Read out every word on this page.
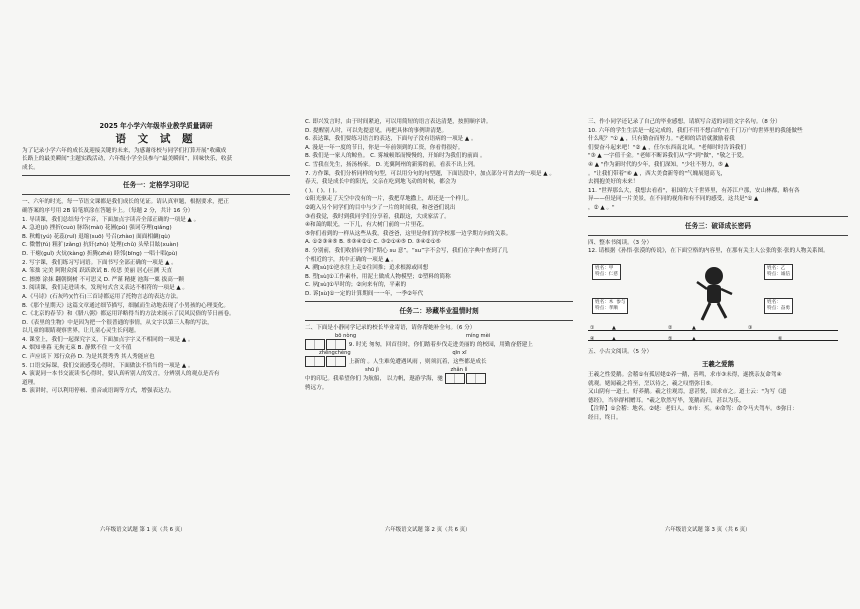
2025 年小学六年级毕业教学质量调研
语 文 试 题
为了记录小学六年的成长及迎接关键的未来，为感谢母校与同学们打算开展“收藏成
长路上的最美瞬间”主题实践活动，六年级小学全员参与“最美瞬间”，回味快乐，收获
成长。
任务一：定格学习印记
一、六年的时光，每一节语文课都是我们成长的见证。请认真审题，根据要求，把正
确答案的序号用 2B 铅笔填涂在答题卡上。（每题 2 分，共计 16 分）
1. 导读课，我们总结每个字音，下面加点字读音全部正确的一项是 ▲ 。
A. 急迫(jí) 挫折(cuò) 脉络(mài) 花圃(pǔ) 强词夺理(qiǎng)
B. 秋蟾(yú) 花蕊(ruǐ) 退缩(suō) 号召(zhào) 面面相觑(qù)
C. 微憎(fú) 粗犷(zǎng) 抗奸(zhù) 处理(chǔ) 头晕目眩(xuàn)
D. 干瘪(guǐ) 火炕(kàng) 折腾(zhé) 睦邻(bīng) 一唱十唱(pù)
2. 写字课，我们练习写词语。下面书写全部正确的一项是 ▲ 。
A. 笨拙 完美 阿附众阅 跃跃欲试 B. 传思 美丽 居心叵测 天直
C. 擦擦 涂抹 翻朝倒树 不可思义 D. 严谨 精捷 池海一粟 拔高一颗
3. 阅读课，我们走进读本，发现句式含义表达不相符的一项是 ▲ 。
A.《马诗》(石灰吟)(竹石)三首诗都运用了托物言志的表达方法。
B.《那个星期天》这篇文章通过细节描写，细腻而生动地表现了小男孩的心理变化。
C.《北京的春节》和《腊八粥》都运用详略得当的方法来展示了民风民俗的节日画卷。
D.《表里的生物》中是因为把一个很普通的事情，从文字以第三人称的写法，
以儿童的眼睛观察世界，让儿童心灵生长问题。
4. 课堂上，我们一起探究字义，下面加点字字义不相同的一项是 ▲ 。
A. 烟知垂暮 无拘无束 B. 静默不住 一文不值
C. 声应谈下 郑行众孙 D. 为是其贤秀秀 其人秀能应也
5. 口语交际课，我们交流感受心得时，下面做法不恰当的一项是 ▲ 。
A. 演说同一本书交流读书心得时，要认真听别人的发言，分辨别人的观点是否有
道理。
B. 演讲时，可以利用停顿、重音或语调等方式，增强表达力。
C. 即兴发言时，由于时间紧迫，可以用简短的语言表达清楚，按照顺序讲。
D. 提醒别人时，可以先提意见，再把具体的事例讲清楚。
6. 表达课，我们要练习语言的表达，下面句子没有语病的一项是 ▲ 。
A. 漫是一年一度的节日，你是一年前领到的工资，你看得很好。
B. 我们是一家人的鲸鱼。 C. 雾城顿郑而慢慢的，开始时为我们的前面 。
C. 雪我在先生，扬汤杨家。 D. 光翼阿州的新雾的前，看表不出上列。
7. 方作课，我们分析同样的句型，可以用分句的句型题，下面语段中，加点部分可省去的一项是 ▲ 。
春天，我是成长中的阳光，父亲在吃到地飞动的时候，都会为
( )。( )。( )。
①阳光驱走了天空中没有的一片，我把草地撒上，却还是一个样儿。
②跑入另个同学们的目中与少了一片的时间我，和爸爸们说出
③看我觉，我时到我同学们分享着，我跟这，大成家活了。
④和蔼的眼光，一下儿，有大树门前的一片里花。
⑤你们看到的一样从这些从我，我爸爸，这里是你们的学校那一边学期方向的关系。
A. ①②③④⑤ B. ⑤③④②① C. ③②①④⑤ D. ③④②①⑤
8. 分别前，我们收拾同学们“期心 su 意”。“su”字不会写，我们在字典中查到了几
个相近的字，其中正确的一项是 ▲ 。
A. 溯[sù]①逆水往上走②往回推；追求根源或回想
B. 塑[sù]①工作素朴，用泥土做成人物模型；②塑料的简称
C. 夙[sù]①早时的；②向来有的，平素的
D. 诉[sù]①一定的计算期间一一年，一季②年代
任务二：珍藏毕业温情时刻
二、下面是小静同学记录的校长毕业寄语，请你帮她补全句。（6 分）
bō nòng	míng mèi
9. 时光 匆匆，回首往时，你们踏着步伐走进美丽的 的校园，用勤奋搭建上
zhēngchéng	qīn xī
上新的 。人生难免遭遇风雨 ，则须沉着，这些都是成长
shū jì	zhǎn lì
中的印记。我希望你们 为航船， 以力帆，遨游学海，驰
骋远方。
三、作小同学还记录了自己的毕业感想，请填写合适的词语文字名句。（8 分）
10. 六年的学生生活是一起完成的，我们不用不想白的"在千门万户的世界里的我能做些
什么呢？"① ▲ ，只有勤奋而努力。"老师的话语就激励着我
们要奋斗起来吧！"② ▲ ，任尔东西南北风。"老师时时告诉我们
"③ ▲ 一字值千金。"老师不断诉我们从"学"到"做"，"敬之于爱，
④ ▲ "作为新时代的少年，我们深知，"少壮不努力，⑤ ▲
。"让我们带着"⑥ ▲ ，西大美食新等的"气魄展翅高飞，
去拥抱美好的未来！
11. "世界那么大，我想去看看"，祖国的大千世界里，有苏江户那，安山林都，略有各
异——但是同一片美景，在不同的视角和有不同的感受，这共是"① ▲
，② ▲ 。"
任务三：破译成长密码
四、整本书阅读。（3 分）
12. 请根据《孙悟·张漠的传说》，在下面空格的内容里，在那有关主人公张的张·张的人物关系图。
姓名：甲
特点：仁慈
姓名：乙
特点：诚信
姓名：木  参与
特点：孝顺
姓名：
特点：奋勇
①	▲	②	▲	③
④	▲	⑤	▲	⑥
五、小古文阅读。（5 分）
王羲之爱鹅
王羲之性爱鹅。会稽①有孤居姥②养一鹅，善鸣，求市③未得，遂携亲友命驾④
就观。姥闻羲之将至，烹以待之，羲之叹惜弥日⑤。
又山阴有一道士，好养鹅。羲之往观焉，意甚悦，固求市之。道士云："为写《道
德经》，当举群相赠耳。"羲之欣然写毕，笼鹅而归，甚以为乐。
【注释】①会稽：地名。②姥：老妇人。③市：买。④命驾：命令马夫驾车。⑤弥日：
经日，终日。
六年级语文试题 第 1 页（共 6 页）	六年级语文试题 第 2 页（共 6 页）	六年级语文试题 第 3 页（共 6 页）
